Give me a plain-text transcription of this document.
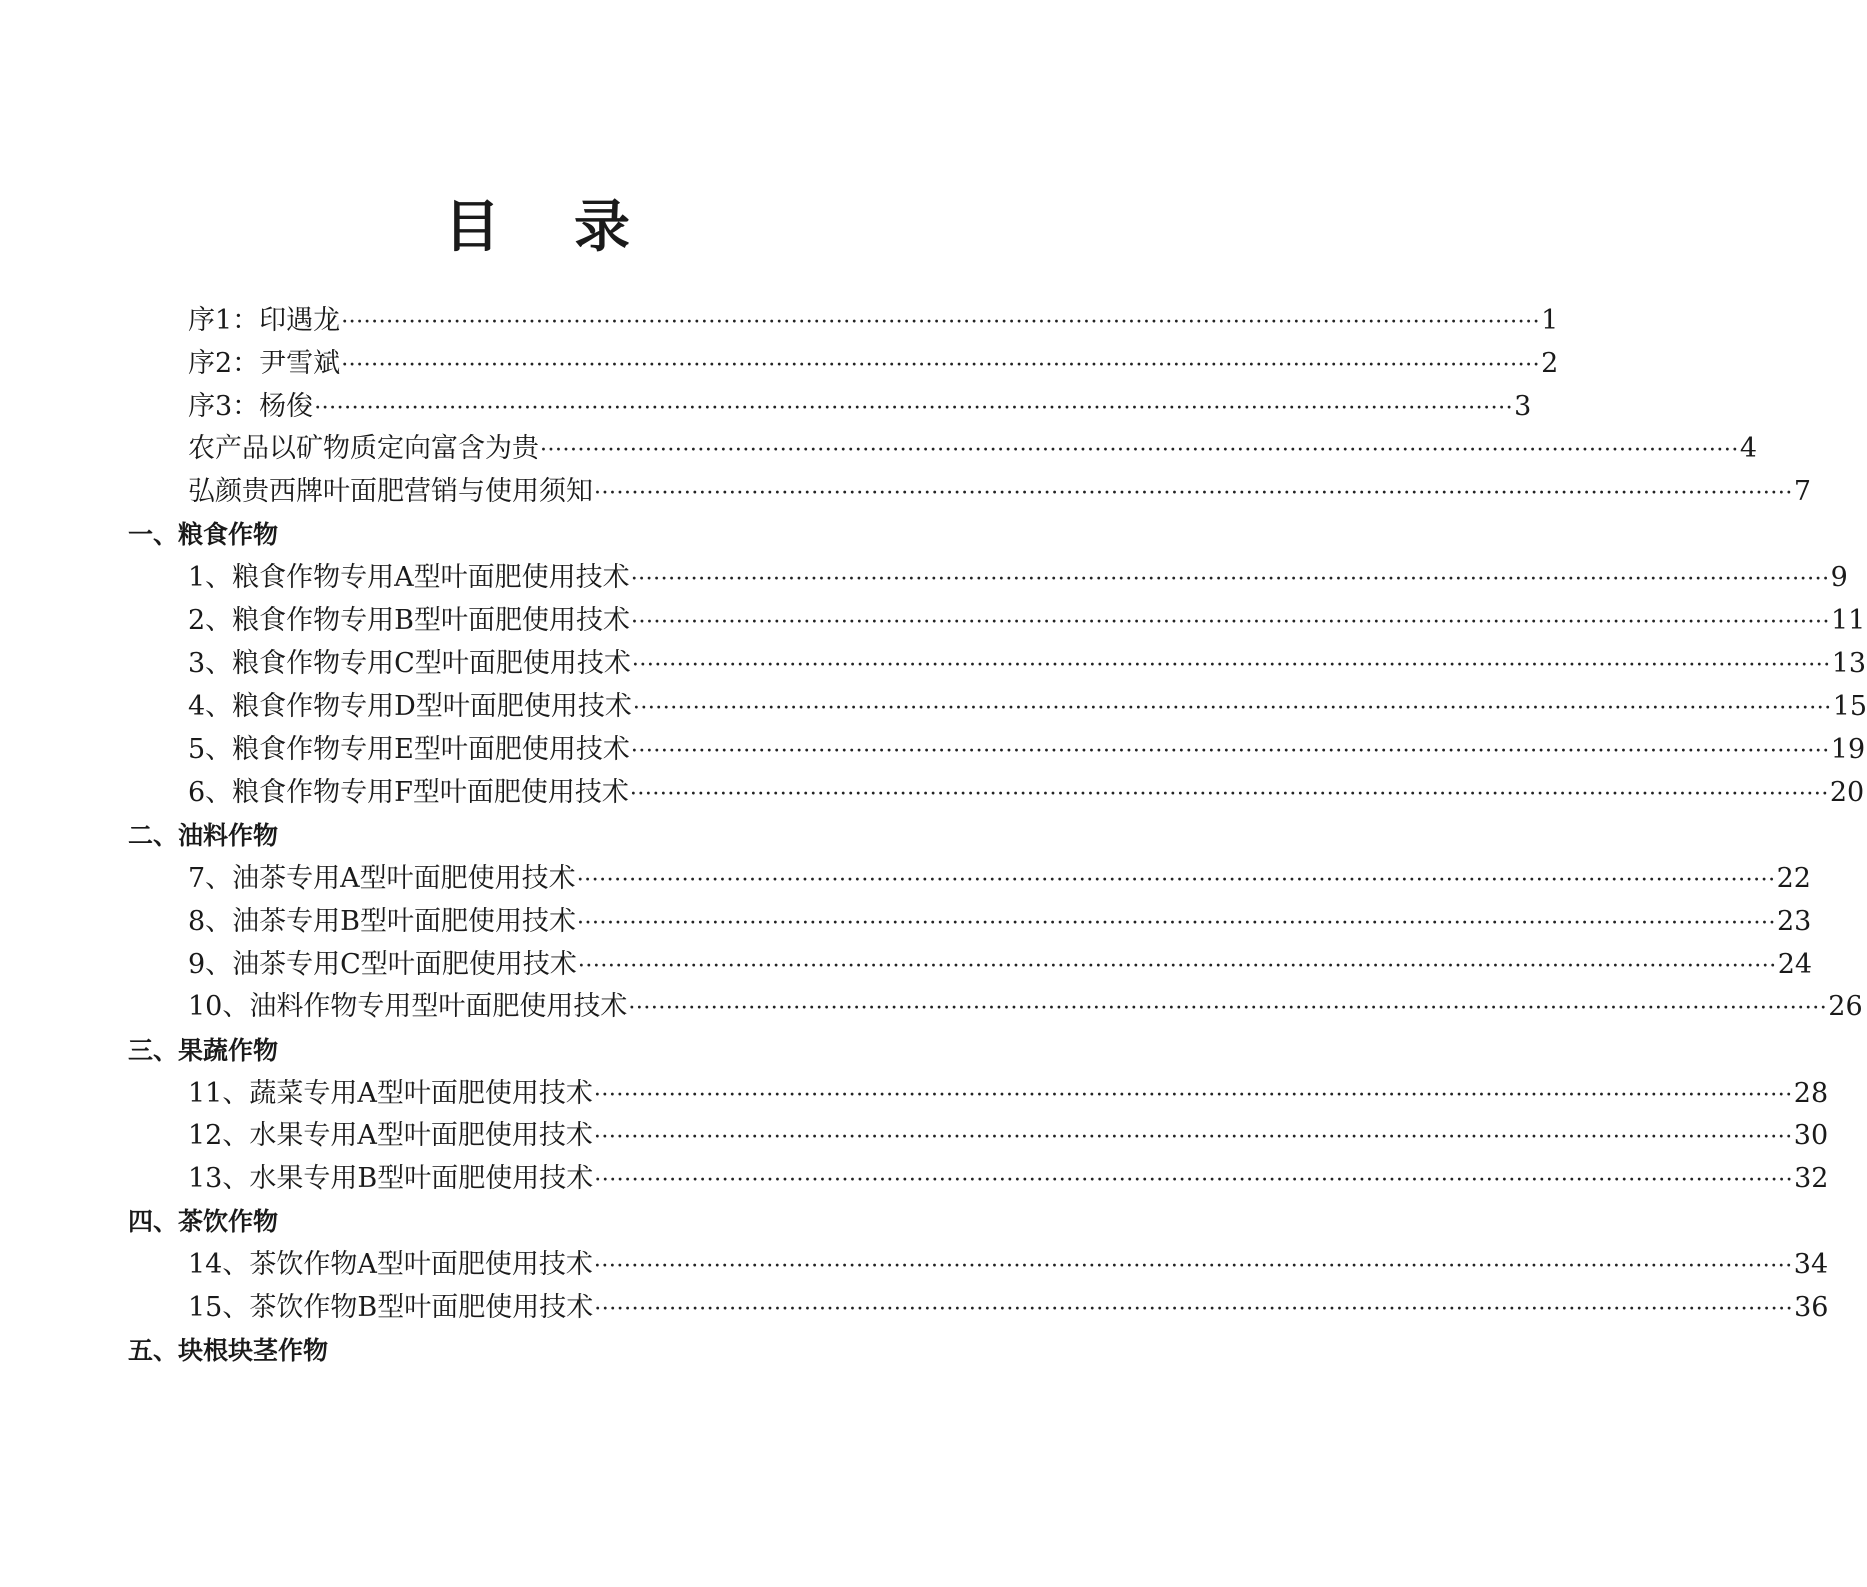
目 录
序1：印遇龙 ································································································································································ 1
序2：尹雪斌 ································································································································································ 2
序3：杨俊 ································································································································································ 3
农产品以矿物质定向富含为贵 ································································································································································ 4
弘颜贵西牌叶面肥营销与使用须知 ································································································································································ 7
一、粮食作物
1、粮食作物专用A型叶面肥使用技术 ································································································································································ 9
2、粮食作物专用B型叶面肥使用技术 ································································································································································ 11
3、粮食作物专用C型叶面肥使用技术 ································································································································································ 13
4、粮食作物专用D型叶面肥使用技术 ································································································································································ 15
5、粮食作物专用E型叶面肥使用技术 ································································································································································ 19
6、粮食作物专用F型叶面肥使用技术 ································································································································································ 20
二、油料作物
7、油茶专用A型叶面肥使用技术 ································································································································································ 22
8、油茶专用B型叶面肥使用技术 ································································································································································ 23
9、油茶专用C型叶面肥使用技术 ································································································································································ 24
10、油料作物专用型叶面肥使用技术 ································································································································································ 26
三、果蔬作物
11、蔬菜专用A型叶面肥使用技术 ································································································································································ 28
12、水果专用A型叶面肥使用技术 ································································································································································ 30
13、水果专用B型叶面肥使用技术 ································································································································································ 32
四、茶饮作物
14、茶饮作物A型叶面肥使用技术 ································································································································································ 34
15、茶饮作物B型叶面肥使用技术 ································································································································································ 36
五、块根块茎作物
